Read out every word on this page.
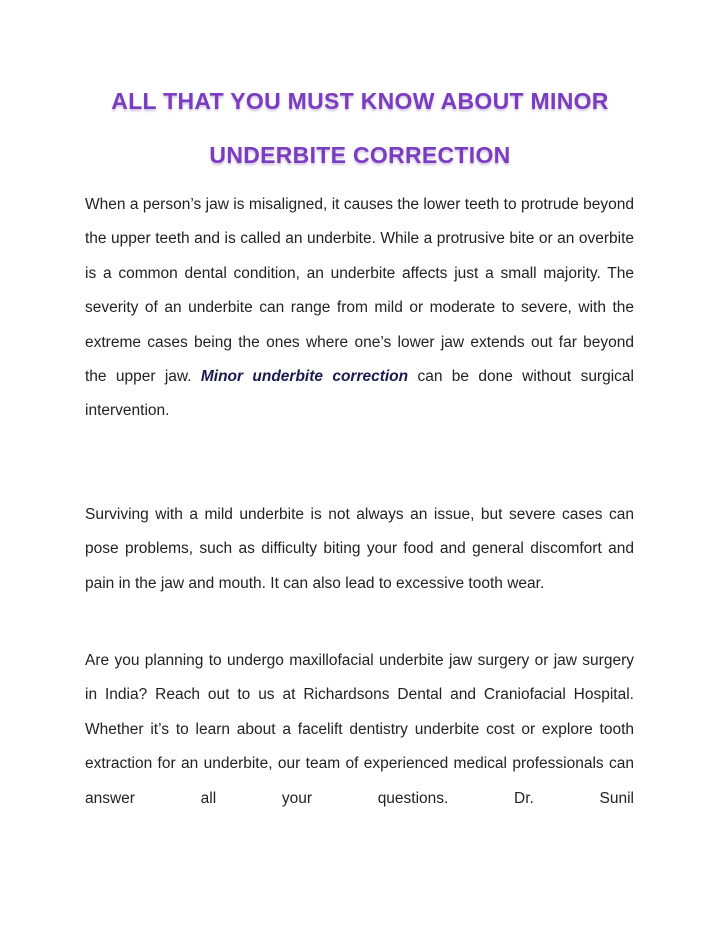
ALL THAT YOU MUST KNOW ABOUT MINOR
UNDERBITE CORRECTION
When a person’s jaw is misaligned, it causes the lower teeth to protrude beyond the upper teeth and is called an underbite. While a protrusive bite or an overbite is a common dental condition, an underbite affects just a small majority. The severity of an underbite can range from mild or moderate to severe, with the extreme cases being the ones where one’s lower jaw extends out far beyond the upper jaw. Minor underbite correction can be done without surgical intervention.
Surviving with a mild underbite is not always an issue, but severe cases can pose problems, such as difficulty biting your food and general discomfort and pain in the jaw and mouth. It can also lead to excessive tooth wear.
Are you planning to undergo maxillofacial underbite jaw surgery or jaw surgery in India? Reach out to us at Richardsons Dental and Craniofacial Hospital. Whether it’s to learn about a facelift dentistry underbite cost or explore tooth extraction for an underbite, our team of experienced medical professionals can answer all your questions. Dr. Sunil
